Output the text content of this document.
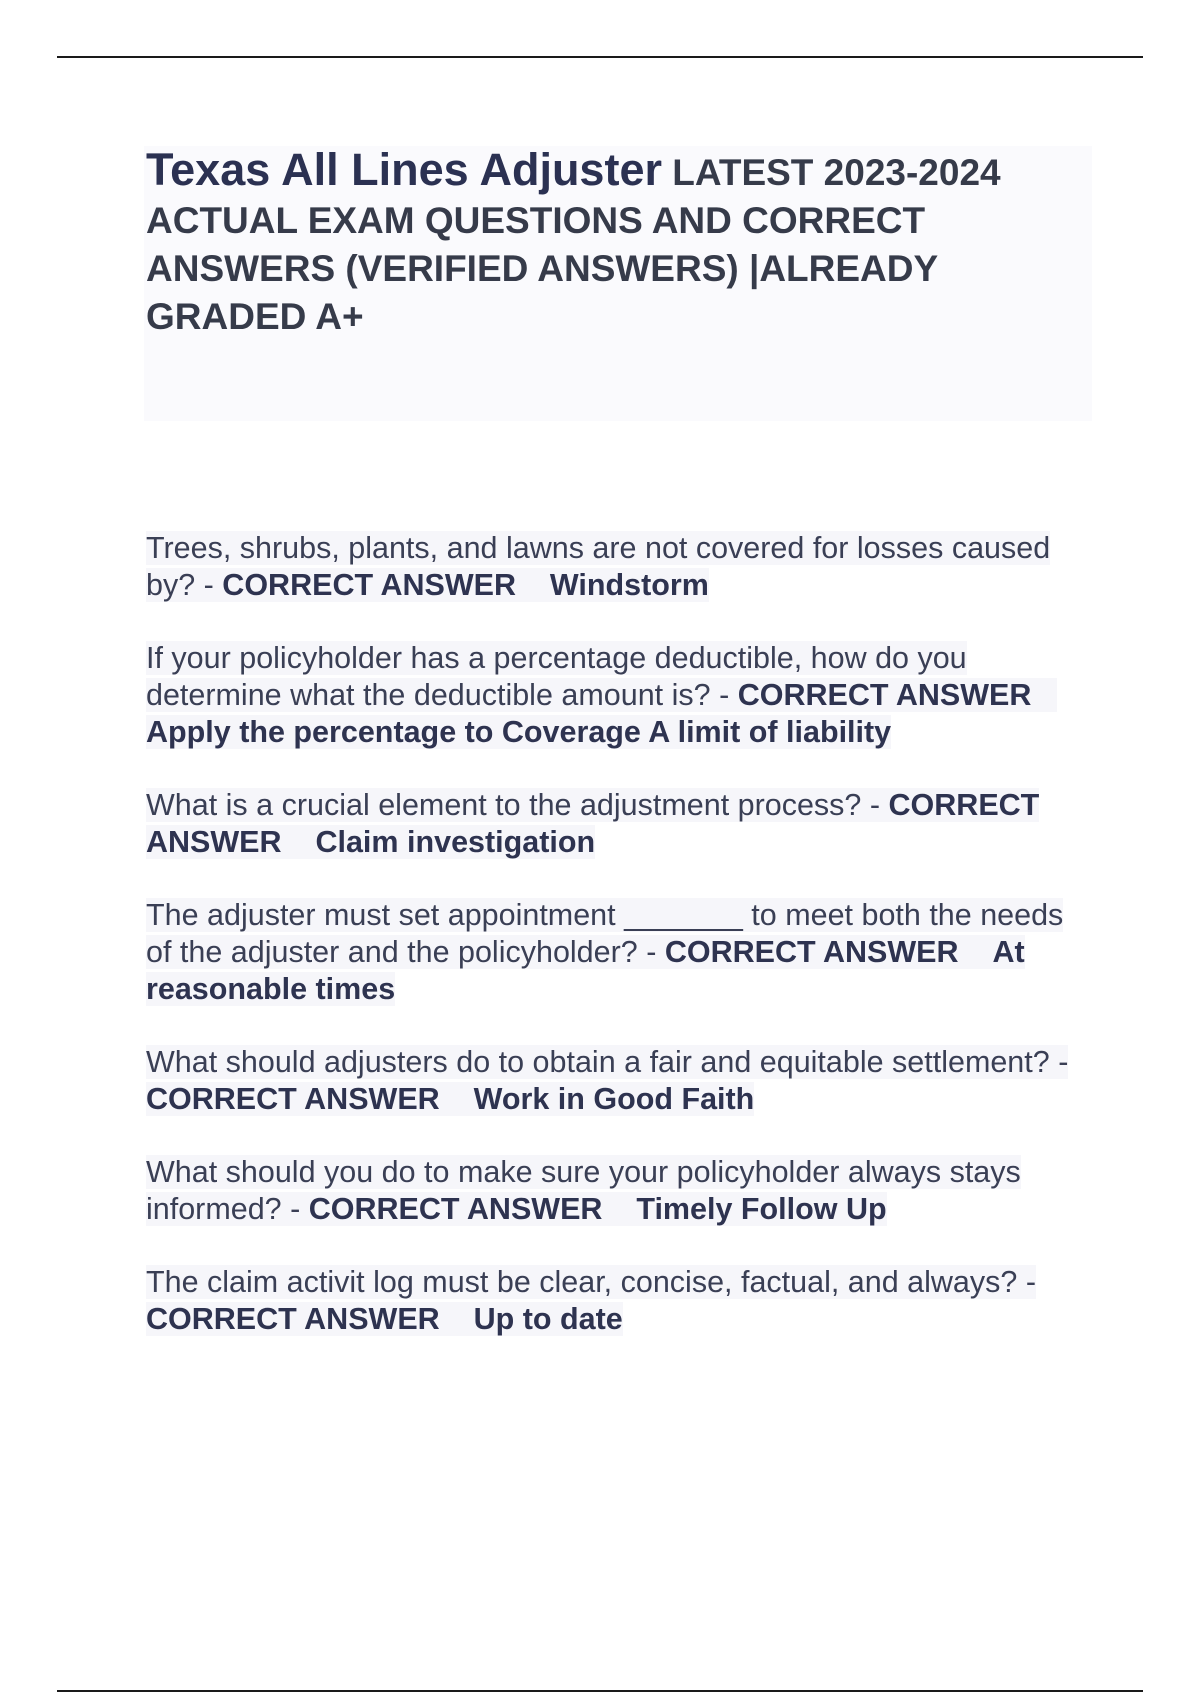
Texas All Lines Adjuster LATEST 2023-2024 ACTUAL EXAM QUESTIONS AND CORRECT ANSWERS (VERIFIED ANSWERS) |ALREADY GRADED A+

Trees, shrubs, plants, and lawns are not covered for losses caused by? - CORRECT ANSWER Windstorm

If your policyholder has a percentage deductible, how do you determine what the deductible amount is? - CORRECT ANSWER    Apply the percentage to Coverage A limit of liability

What is a crucial element to the adjustment process? - CORRECT ANSWER Claim investigation

The adjuster must set appointment _______ to meet both the needs of the adjuster and the policyholder? - CORRECT ANSWER At reasonable times

What should adjusters do to obtain a fair and equitable settlement? - CORRECT ANSWER Work in Good Faith

What should you do to make sure your policyholder always stays informed? - CORRECT ANSWER Timely Follow Up

The claim activit log must be clear, concise, factual, and always? - CORRECT ANSWER Up to date
